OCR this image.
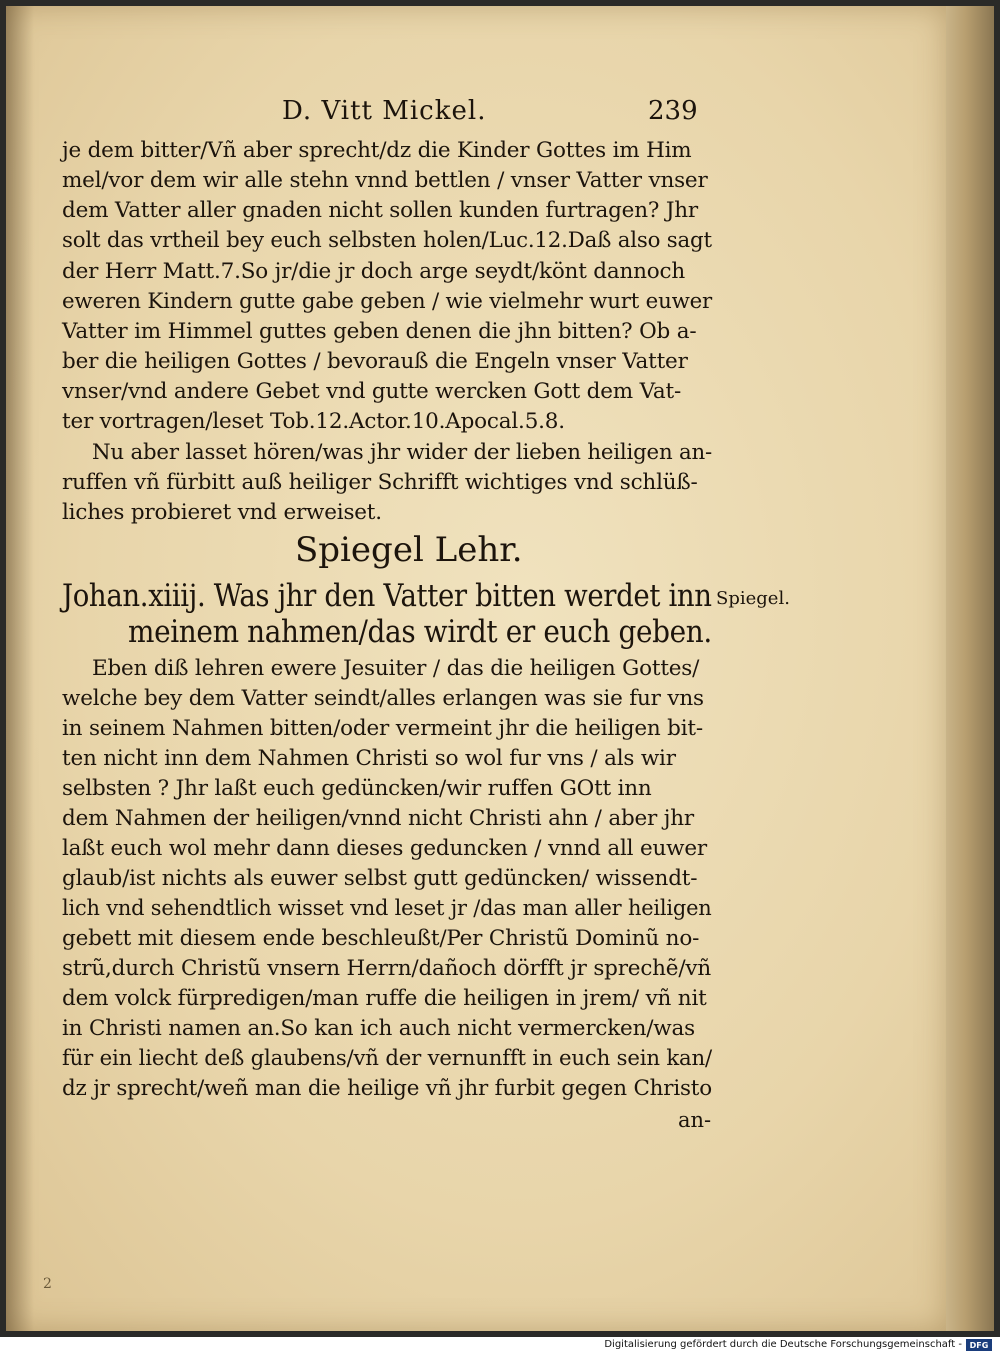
D. Vitt Mickel.	239
je dem bitter/Vñ aber sprecht/dz die Kinder Gottes im Him
mel/vor dem wir alle stehn vnnd bettlen / vnser Vatter vnser
dem Vatter aller gnaden nicht sollen kunden furtragen? Jhr
solt das vrtheil bey euch selbsten holen/Luc.12.Daß also sagt
der Herr Matt.7.So jr/die jr doch arge seydt/könt dannoch
eweren Kindern gutte gabe geben / wie vielmehr wurt euwer
Vatter im Himmel guttes geben denen die jhn bitten? Ob a-
ber die heiligen Gottes / bevorauß die Engeln vnser Vatter
vnser/vnd andere Gebet vnd gutte wercken Gott dem Vat-
ter vortragen/leset Tob.12.Actor.10.Apocal.5.8.
Nu aber lasset hören/was jhr wider der lieben heiligen an-
ruffen vñ fürbitt auß heiliger Schrifft wichtiges vnd schlüß-
liches probieret vnd erweiset.
Spiegel Lehr.
Johan.xiiij. Was jhr den Vatter bitten werdet inn
meinem nahmen/das wirdt er euch geben.
Spiegel.
Eben diß lehren ewere Jesuiter / das die heiligen Gottes/
welche bey dem Vatter seindt/alles erlangen was sie fur vns
in seinem Nahmen bitten/oder vermeint jhr die heiligen bit-
ten nicht inn dem Nahmen Christi so wol fur vns / als wir
selbsten ? Jhr laßt euch gedüncken/wir ruffen GOtt inn
dem Nahmen der heiligen/vnnd nicht Christi ahn / aber jhr
laßt euch wol mehr dann dieses geduncken / vnnd all euwer
glaub/ist nichts als euwer selbst gutt gedüncken/ wissendt-
lich vnd sehendtlich wisset vnd leset jr /das man aller heiligen
gebett mit diesem ende beschleußt/Per Christũ Dominũ no-
strũ,durch Christũ vnsern Herrn/dañoch dörfft jr sprechẽ/vñ
dem volck fürpredigen/man ruffe die heiligen in jrem/ vñ nit
in Christi namen an.So kan ich auch nicht vermercken/was
für ein liecht deß glaubens/vñ der vernunfft in euch sein kan/
dz jr sprecht/weñ man die heilige vñ jhr furbit gegen Christo
an-
2
Digitalisierung gefördert durch die Deutsche Forschungsgemeinschaft - DFG
